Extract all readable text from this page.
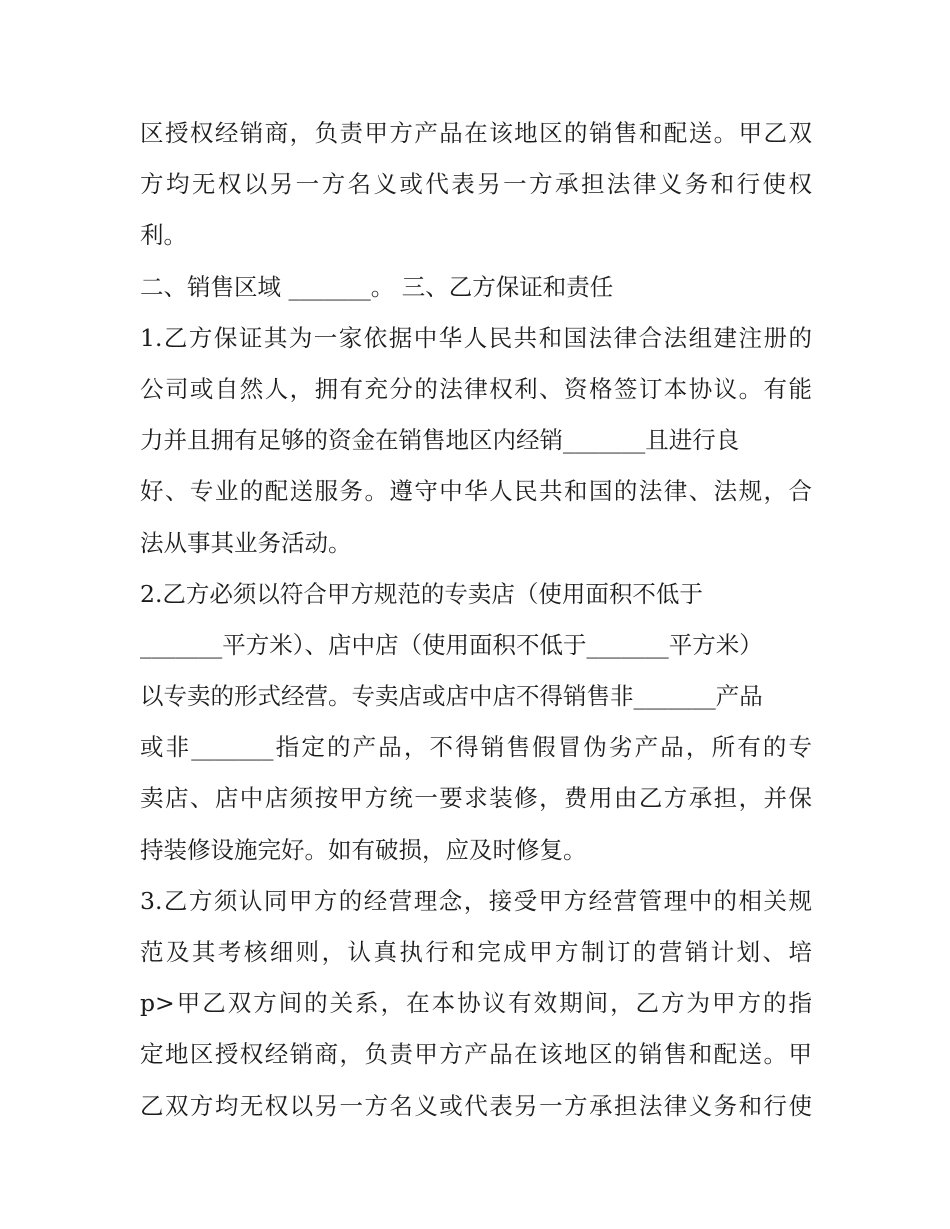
区授权经销商，负责甲方产品在该地区的销售和配送。甲乙双
方均无权以另一方名义或代表另一方承担法律义务和行使权
利。
二、销售区域 _______。 三、乙方保证和责任
1.乙方保证其为一家依据中华人民共和国法律合法组建注册的
公司或自然人，拥有充分的法律权利、资格签订本协议。有能
力并且拥有足够的资金在销售地区内经销_______且进行良
好、专业的配送服务。遵守中华人民共和国的法律、法规，合
法从事其业务活动。
2.乙方必须以符合甲方规范的专卖店（使用面积不低于
_______平方米）、店中店（使用面积不低于_______平方米）
以专卖的形式经营。专卖店或店中店不得销售非_______产品
或非_______指定的产品，不得销售假冒伪劣产品，所有的专
卖店、店中店须按甲方统一要求装修，费用由乙方承担，并保
持装修设施完好。如有破损，应及时修复。
3.乙方须认同甲方的经营理念，接受甲方经营管理中的相关规
范及其考核细则，认真执行和完成甲方制订的营销计划、培
p>甲乙双方间的关系，在本协议有效期间，乙方为甲方的指
定地区授权经销商，负责甲方产品在该地区的销售和配送。甲
乙双方均无权以另一方名义或代表另一方承担法律义务和行使
